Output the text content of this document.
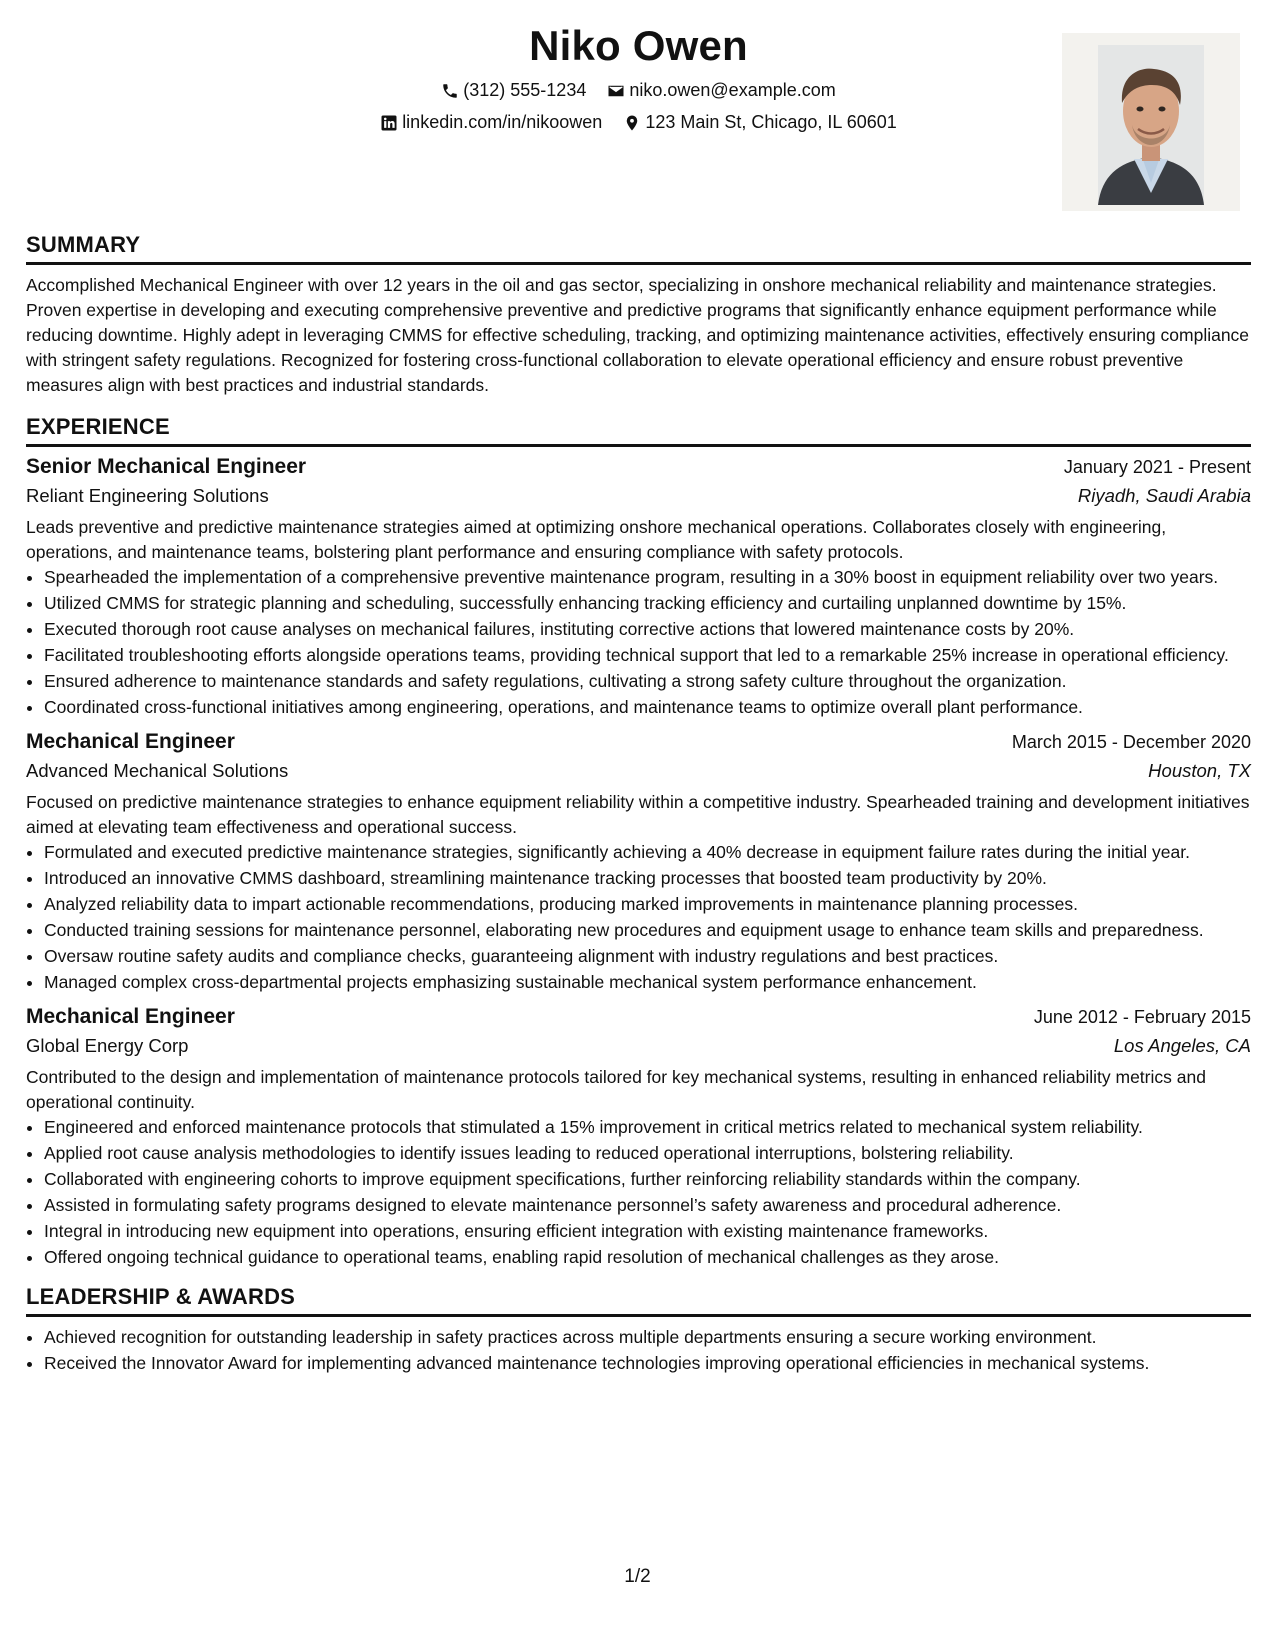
Niko Owen
(312) 555-1234
niko.owen@example.com
linkedin.com/in/nikoowen
123 Main St, Chicago, IL 60601
SUMMARY

Accomplished Mechanical Engineer with over 12 years in the oil and gas sector, specializing in onshore mechanical reliability and maintenance strategies. Proven expertise in developing and executing comprehensive preventive and predictive programs that significantly enhance equipment performance while reducing downtime. Highly adept in leveraging CMMS for effective scheduling, tracking, and optimizing maintenance activities, effectively ensuring compliance with stringent safety regulations. Recognized for fostering cross-functional collaboration to elevate operational efficiency and ensure robust preventive measures align with best practices and industrial standards.

EXPERIENCE
Senior Mechanical Engineer	January 2021 - Present
Reliant Engineering Solutions	Riyadh, Saudi Arabia

Leads preventive and predictive maintenance strategies aimed at optimizing onshore mechanical operations. Collaborates closely with engineering, operations, and maintenance teams, bolstering plant performance and ensuring compliance with safety protocols.

• Spearheaded the implementation of a comprehensive preventive maintenance program, resulting in a 30% boost in equipment reliability over two years.
• Utilized CMMS for strategic planning and scheduling, successfully enhancing tracking efficiency and curtailing unplanned downtime by 15%.
• Executed thorough root cause analyses on mechanical failures, instituting corrective actions that lowered maintenance costs by 20%.
• Facilitated troubleshooting efforts alongside operations teams, providing technical support that led to a remarkable 25% increase in operational efficiency.
• Ensured adherence to maintenance standards and safety regulations, cultivating a strong safety culture throughout the organization.
• Coordinated cross-functional initiatives among engineering, operations, and maintenance teams to optimize overall plant performance.
Mechanical Engineer	March 2015 - December 2020
Advanced Mechanical Solutions	Houston, TX

Focused on predictive maintenance strategies to enhance equipment reliability within a competitive industry. Spearheaded training and development initiatives aimed at elevating team effectiveness and operational success.

• Formulated and executed predictive maintenance strategies, significantly achieving a 40% decrease in equipment failure rates during the initial year.
• Introduced an innovative CMMS dashboard, streamlining maintenance tracking processes that boosted team productivity by 20%.
• Analyzed reliability data to impart actionable recommendations, producing marked improvements in maintenance planning processes.
• Conducted training sessions for maintenance personnel, elaborating new procedures and equipment usage to enhance team skills and preparedness.
• Oversaw routine safety audits and compliance checks, guaranteeing alignment with industry regulations and best practices.
• Managed complex cross-departmental projects emphasizing sustainable mechanical system performance enhancement.
Mechanical Engineer	June 2012 - February 2015
Global Energy Corp	Los Angeles, CA

Contributed to the design and implementation of maintenance protocols tailored for key mechanical systems, resulting in enhanced reliability metrics and operational continuity.

• Engineered and enforced maintenance protocols that stimulated a 15% improvement in critical metrics related to mechanical system reliability.
• Applied root cause analysis methodologies to identify issues leading to reduced operational interruptions, bolstering reliability.
• Collaborated with engineering cohorts to improve equipment specifications, further reinforcing reliability standards within the company.
• Assisted in formulating safety programs designed to elevate maintenance personnel’s safety awareness and procedural adherence.
• Integral in introducing new equipment into operations, ensuring efficient integration with existing maintenance frameworks.
• Offered ongoing technical guidance to operational teams, enabling rapid resolution of mechanical challenges as they arose.
LEADERSHIP & AWARDS
• Achieved recognition for outstanding leadership in safety practices across multiple departments ensuring a secure working environment.
• Received the Innovator Award for implementing advanced maintenance technologies improving operational efficiencies in mechanical systems.
1/2
